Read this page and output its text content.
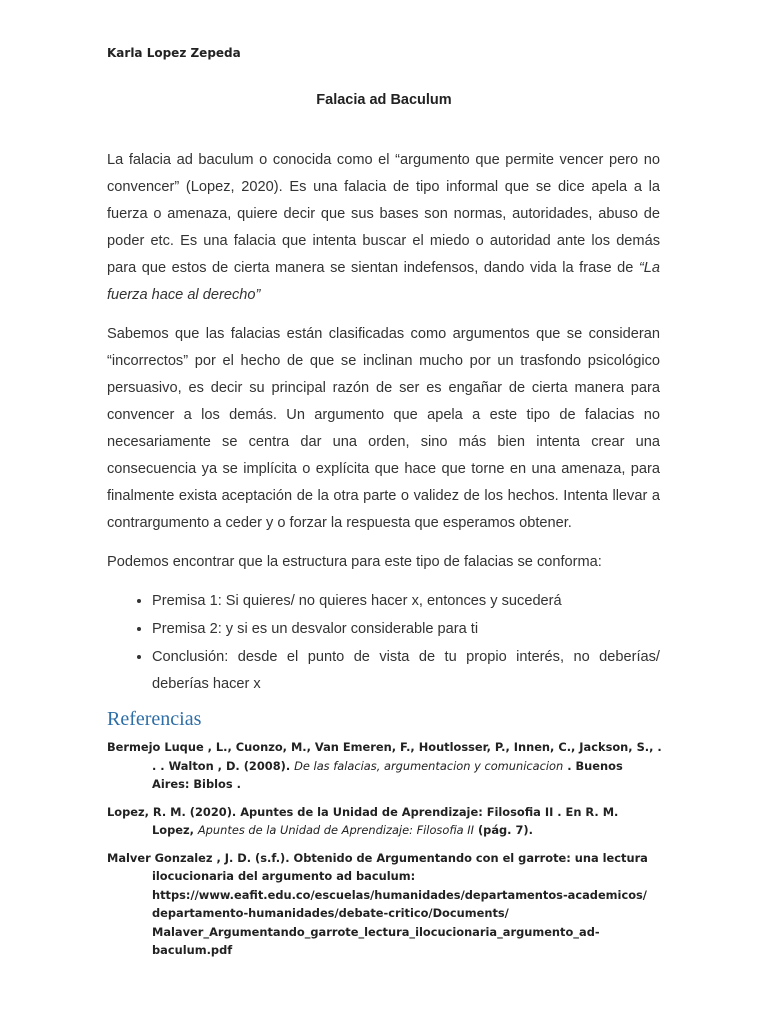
Karla Lopez Zepeda
Falacia ad Baculum

La falacia ad baculum o conocida como el “argumento que permite vencer pero no convencer” (Lopez, 2020). Es una falacia de tipo informal que se dice apela a la fuerza o amenaza, quiere decir que sus bases son normas, autoridades, abuso de poder etc. Es una falacia que intenta buscar el miedo o autoridad ante los demás para que estos de cierta manera se sientan indefensos, dando vida la frase de “La fuerza hace al derecho”

Sabemos que las falacias están clasificadas como argumentos que se consideran “incorrectos” por el hecho de que se inclinan mucho por un trasfondo psicológico persuasivo, es decir su principal razón de ser es engañar de cierta manera para convencer a los demás. Un argumento que apela a este tipo de falacias no necesariamente se centra dar una orden, sino más bien intenta crear una consecuencia ya se implícita o explícita que hace que torne en una amenaza, para finalmente exista aceptación de la otra parte o validez de los hechos. Intenta llevar a contrargumento a ceder y o forzar la respuesta que esperamos obtener.

Podemos encontrar que la estructura para este tipo de falacias se conforma:

• Premisa 1: Si quieres/ no quieres hacer x, entonces y sucederá
• Premisa 2: y si es un desvalor considerable para ti
• Conclusión: desde el punto de vista de tu propio interés, no deberías/ deberías hacer x
Referencias
Bermejo Luque , L., Cuonzo, M., Van Emeren, F., Houtlosser, P., Innen, C., Jackson, S., . . . Walton , D. (2008). De las falacias, argumentacion y comunicacion . Buenos Aires: Biblos .
Lopez, R. M. (2020). Apuntes de la Unidad de Aprendizaje: Filosofia II . En R. M. Lopez, Apuntes de la Unidad de Aprendizaje: Filosofia II (pág. 7).
Malver Gonzalez , J. D. (s.f.). Obtenido de Argumentando con el garrote: una lectura ilocucionaria del argumento ad baculum:
https://www.eafit.edu.co/escuelas/humanidades/departamentos-academicos/
departamento-humanidades/debate-critico/Documents/
Malaver_Argumentando_garrote_lectura_ilocucionaria_argumento_ad-baculum.pdf
